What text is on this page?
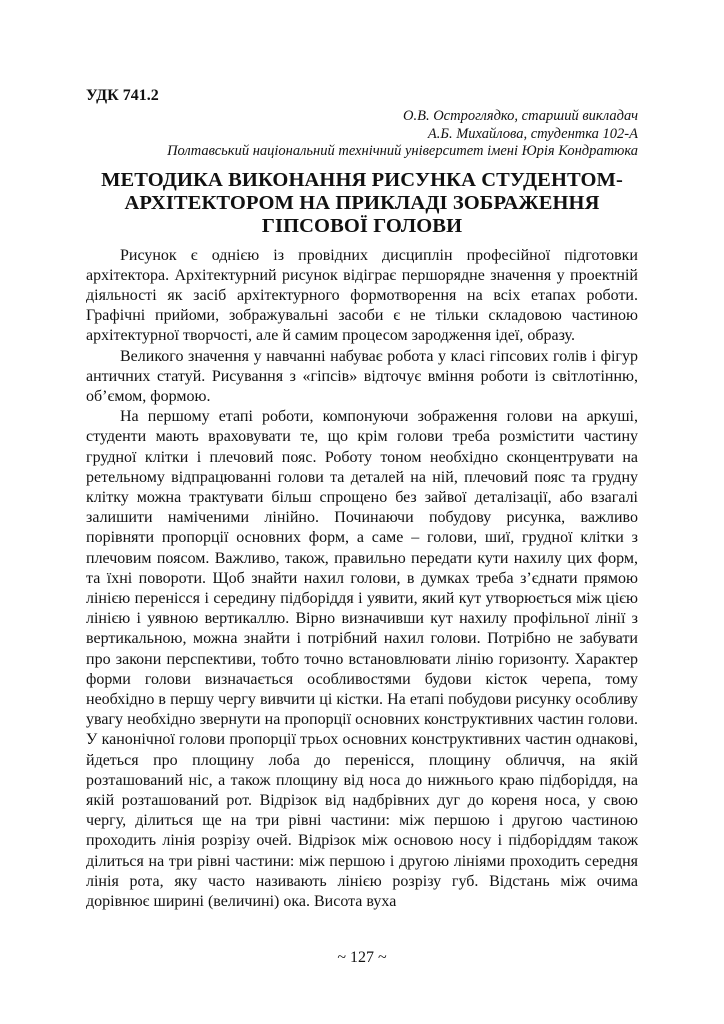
УДК 741.2
О.В. Остроглядко, старший викладач
А.Б. Михайлова, студентка 102-А
Полтавський національний технічний університет імені Юрія Кондратюка
МЕТОДИКА ВИКОНАННЯ РИСУНКА СТУДЕНТОМ-
АРХІТЕКТОРОМ НА ПРИКЛАДІ ЗОБРАЖЕННЯ
ГІПСОВОЇ ГОЛОВИ

Рисунок є однією із провідних дисциплін професійної підготовки архітектора. Архітектурний рисунок відіграє першорядне значення у проектній діяльності як засіб архітектурного формотворення на всіх етапах роботи. Графічні прийоми, зображувальні засоби є не тільки складовою частиною архітектурної творчості, але й самим процесом зародження ідеї, образу.

Великого значення у навчанні набуває робота у класі гіпсових голів і фігур античних статуй. Рисування з «гіпсів» відточує вміння роботи із світлотінню, об’ємом, формою.

На першому етапі роботи, компонуючи зображення голови на аркуші, студенти мають враховувати те, що крім голови треба розмістити частину грудної клітки і плечовий пояс. Роботу тоном необхідно сконцентрувати на ретельному відпрацюванні голови та деталей на ній, плечовий пояс та грудну клітку можна трактувати більш спрощено без зайвої деталізації, або взагалі залишити наміченими лінійно. Починаючи побудову рисунка, важливо порівняти пропорції основних форм, а саме – голови, шиї, грудної клітки з плечовим поясом. Важливо, також, правильно передати кути нахилу цих форм, та їхні повороти. Щоб знайти нахил голови, в думках треба з’єднати прямою лінією перенісся і середину підборіддя і уявити, який кут утворюється між цією лінією і уявною вертикаллю. Вірно визначивши кут нахилу профільної лінії з вертикальною, можна знайти і потрібний нахил голови. Потрібно не забувати про закони перспективи, тобто точно встановлювати лінію горизонту. Характер форми голови визначається особливостями будови кісток черепа, тому необхідно в першу чергу вивчити ці кістки. На етапі побудови рисунку особливу увагу необхідно звернути на пропорції основних конструктивних частин голови. У канонічної голови пропорції трьох основних конструктивних частин однакові, йдеться про площину лоба до перенісся, площину обличчя, на якій розташований ніс, а також площину від носа до нижнього краю підборіддя, на якій розташований рот. Відрізок від надбрівних дуг до кореня носа, у свою чергу, ділиться ще на три рівні частини: між першою і другою частиною проходить лінія розрізу очей. Відрізок між основою носу і підборіддям також ділиться на три рівні частини: між першою і другою лініями проходить середня лінія рота, яку часто називають лінією розрізу губ. Відстань між очима дорівнює ширині (величині) ока. Висота вуха

~ 127 ~
